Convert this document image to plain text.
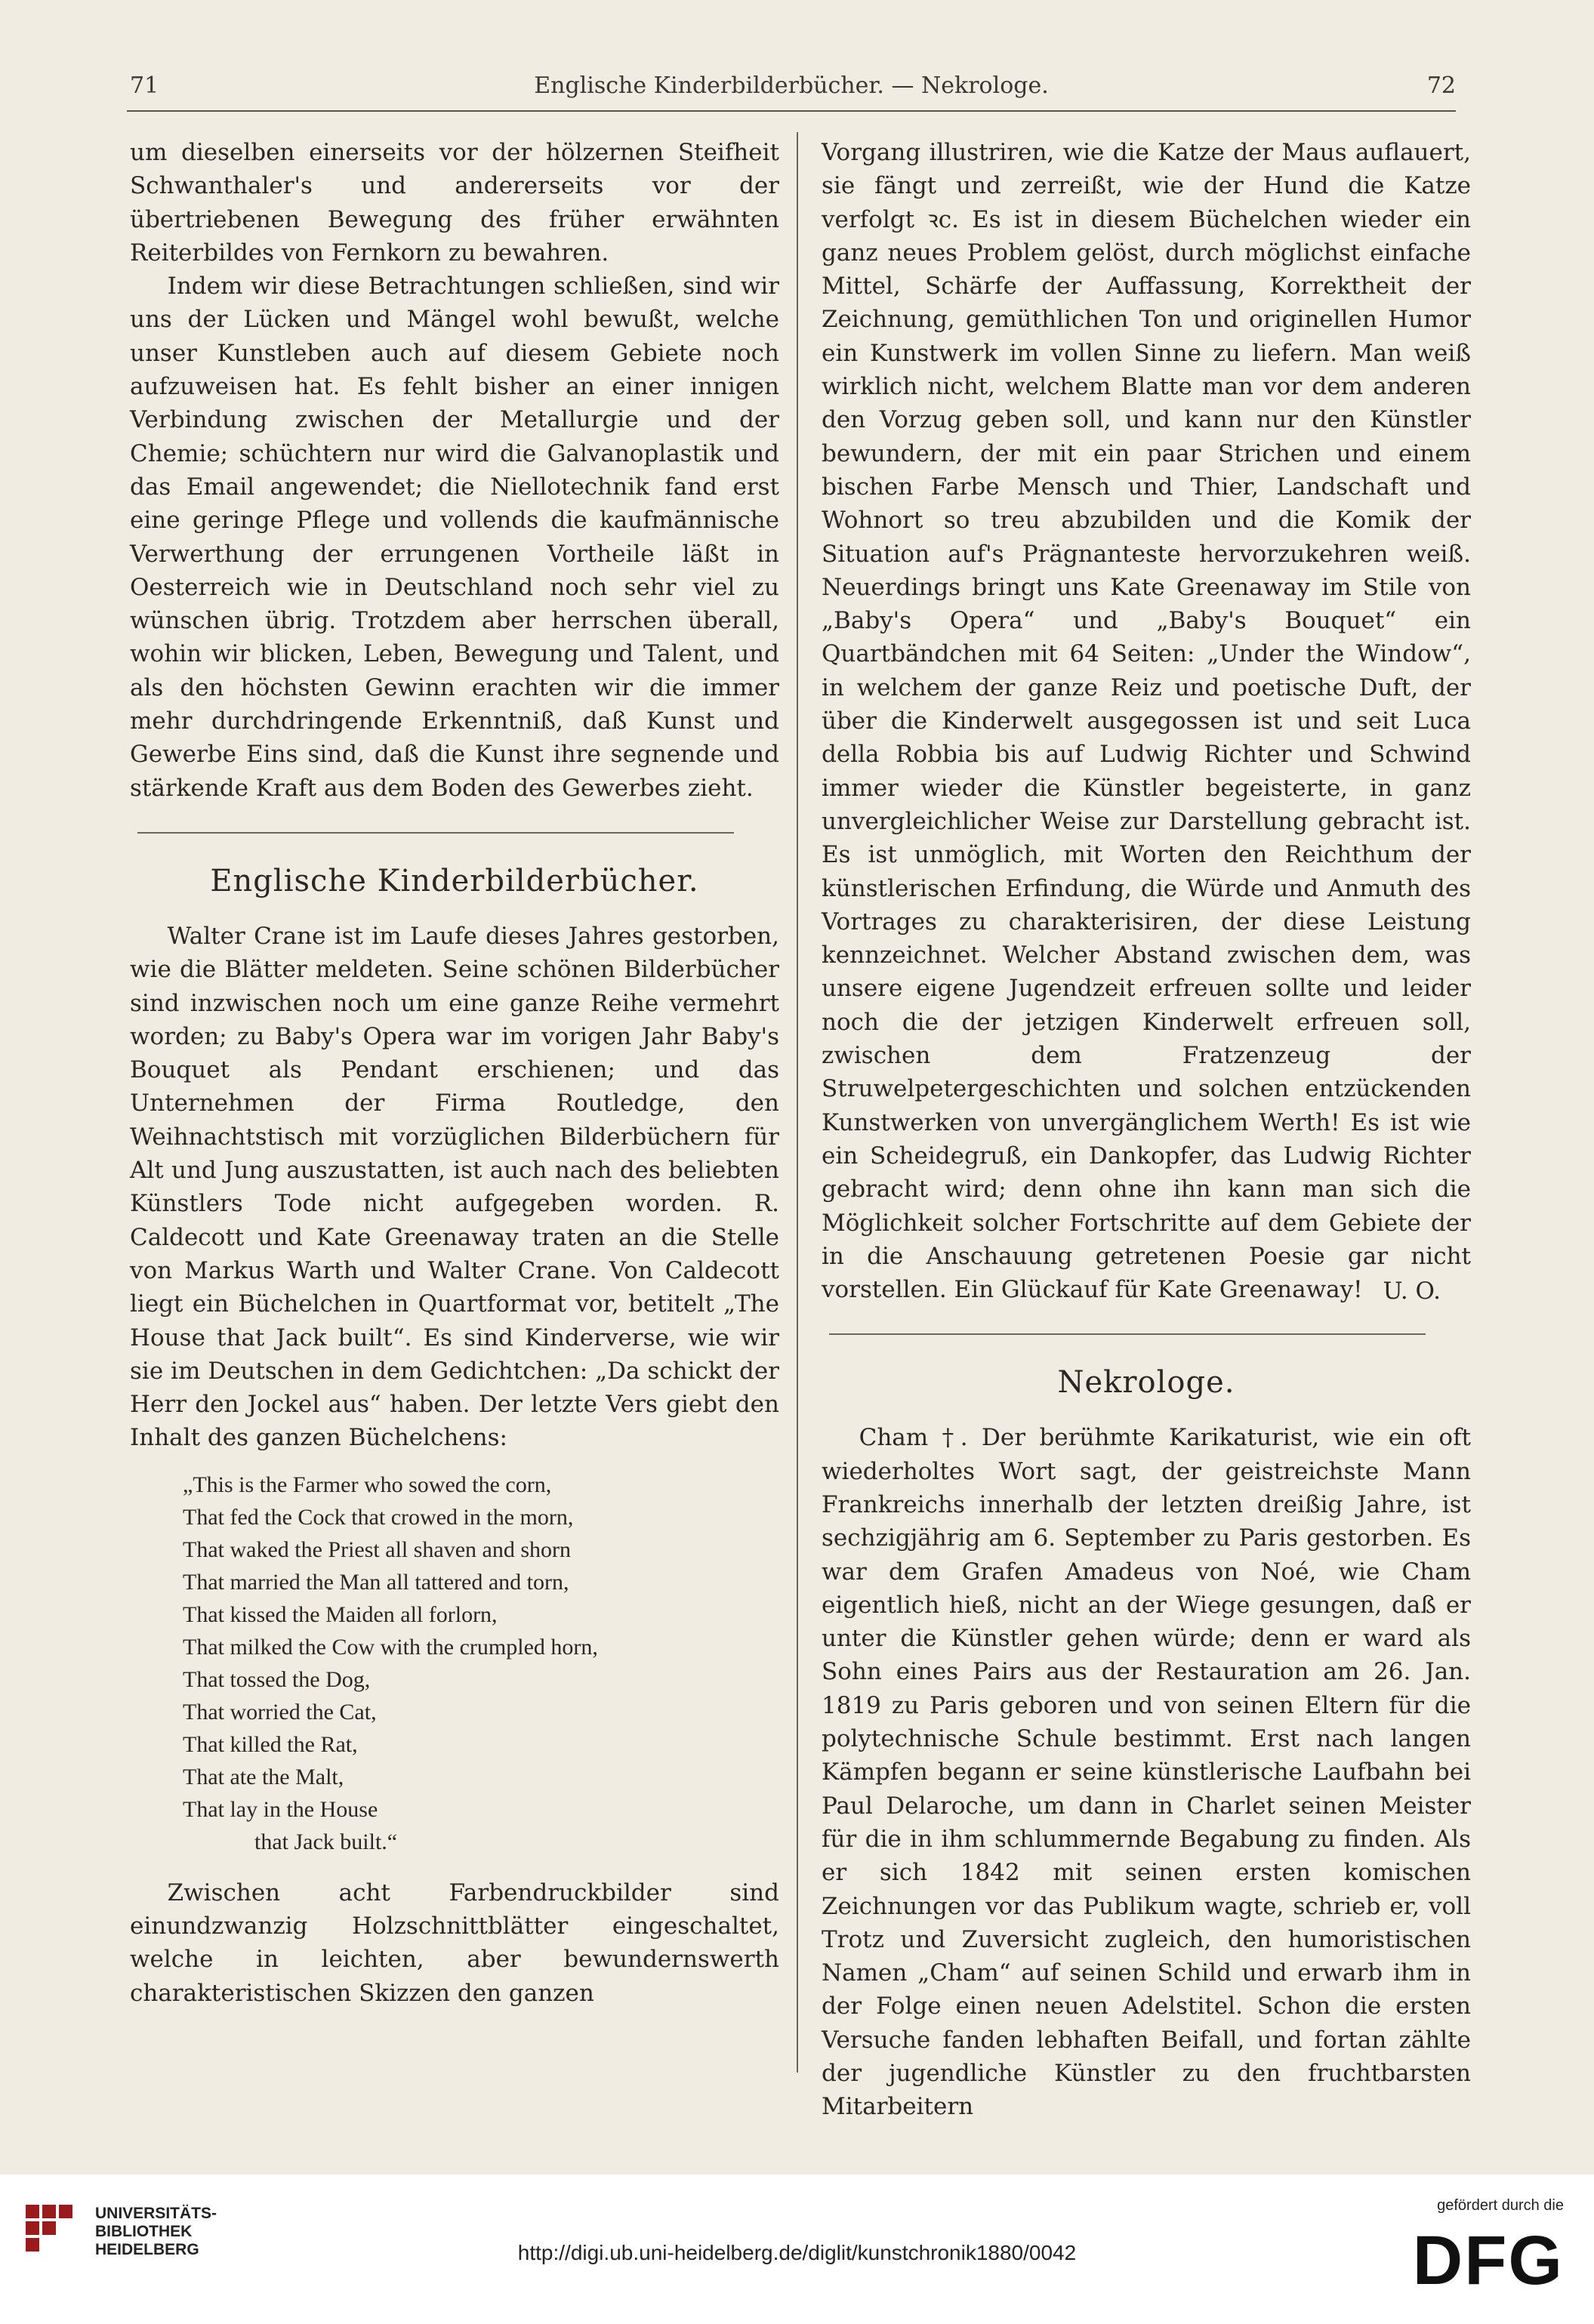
71	Englische Kinderbilderbücher. — Nekrologe.	72

um dieselben einerseits vor der hölzernen Steifheit Schwanthaler's und andererseits vor der übertriebenen Bewegung des früher erwähnten Reiterbildes von Fernkorn zu bewahren.

Indem wir diese Betrachtungen schließen, sind wir uns der Lücken und Mängel wohl bewußt, welche unser Kunstleben auch auf diesem Gebiete noch aufzuweisen hat. Es fehlt bisher an einer innigen Verbindung zwischen der Metallurgie und der Chemie; schüchtern nur wird die Galvanoplastik und das Email angewendet; die Niellotechnik fand erst eine geringe Pflege und vollends die kaufmännische Verwerthung der errungenen Vortheile läßt in Oesterreich wie in Deutschland noch sehr viel zu wünschen übrig. Trotzdem aber herrschen überall, wohin wir blicken, Leben, Bewegung und Talent, und als den höchsten Gewinn erachten wir die immer mehr durchdringende Erkenntniß, daß Kunst und Gewerbe Eins sind, daß die Kunst ihre segnende und stärkende Kraft aus dem Boden des Gewerbes zieht.

Englische Kinderbilderbücher.

Walter Crane ist im Laufe dieses Jahres gestorben, wie die Blätter meldeten. Seine schönen Bilderbücher sind inzwischen noch um eine ganze Reihe vermehrt worden; zu Baby's Opera war im vorigen Jahr Baby's Bouquet als Pendant erschienen; und das Unternehmen der Firma Routledge, den Weihnachtstisch mit vorzüglichen Bilderbüchern für Alt und Jung auszustatten, ist auch nach des beliebten Künstlers Tode nicht aufgegeben worden. R. Caldecott und Kate Greenaway traten an die Stelle von Markus Warth und Walter Crane. Von Caldecott liegt ein Büchelchen in Quartformat vor, betitelt „The House that Jack built“. Es sind Kinderverse, wie wir sie im Deutschen in dem Gedichtchen: „Da schickt der Herr den Jockel aus“ haben. Der letzte Vers giebt den Inhalt des ganzen Büchelchens:

„This is the Farmer who sowed the corn,
That fed the Cock that crowed in the morn,
That waked the Priest all shaven and shorn
That married the Man all tattered and torn,
That kissed the Maiden all forlorn,
That milked the Cow with the crumpled horn,
That tossed the Dog,
That worried the Cat,
That killed the Rat,
That ate the Malt,
That lay in the House
that Jack built.“

Zwischen acht Farbendruckbilder sind einundzwanzig Holzschnittblätter eingeschaltet, welche in leichten, aber bewundernswerth charakteristischen Skizzen den ganzen

Vorgang illustriren, wie die Katze der Maus auflauert, sie fängt und zerreißt, wie der Hund die Katze verfolgt ꝛc. Es ist in diesem Büchelchen wieder ein ganz neues Problem gelöst, durch möglichst einfache Mittel, Schärfe der Auffassung, Korrektheit der Zeichnung, gemüthlichen Ton und originellen Humor ein Kunstwerk im vollen Sinne zu liefern. Man weiß wirklich nicht, welchem Blatte man vor dem anderen den Vorzug geben soll, und kann nur den Künstler bewundern, der mit ein paar Strichen und einem bischen Farbe Mensch und Thier, Landschaft und Wohnort so treu abzubilden und die Komik der Situation auf's Prägnanteste hervorzukehren weiß. Neuerdings bringt uns Kate Greenaway im Stile von „Baby's Opera“ und „Baby's Bouquet“ ein Quartbändchen mit 64 Seiten: „Under the Window“, in welchem der ganze Reiz und poetische Duft, der über die Kinderwelt ausgegossen ist und seit Luca della Robbia bis auf Ludwig Richter und Schwind immer wieder die Künstler begeisterte, in ganz unvergleichlicher Weise zur Darstellung gebracht ist. Es ist unmöglich, mit Worten den Reichthum der künstlerischen Erfindung, die Würde und Anmuth des Vortrages zu charakterisiren, der diese Leistung kennzeichnet. Welcher Abstand zwischen dem, was unsere eigene Jugendzeit erfreuen sollte und leider noch die der jetzigen Kinderwelt erfreuen soll, zwischen dem Fratzenzeug der Struwelpetergeschichten und solchen entzückenden Kunstwerken von unvergänglichem Werth! Es ist wie ein Scheidegruß, ein Dankopfer, das Ludwig Richter gebracht wird; denn ohne ihn kann man sich die Möglichkeit solcher Fortschritte auf dem Gebiete der in die Anschauung getretenen Poesie gar nicht vorstellen. Ein Glückauf für Kate Greenaway! U. O.
Nekrologe.

Cham †. Der berühmte Karikaturist, wie ein oft wiederholtes Wort sagt, der geistreichste Mann Frankreichs innerhalb der letzten dreißig Jahre, ist sechzigjährig am 6. September zu Paris gestorben. Es war dem Grafen Amadeus von Noé, wie Cham eigentlich hieß, nicht an der Wiege gesungen, daß er unter die Künstler gehen würde; denn er ward als Sohn eines Pairs aus der Restauration am 26. Jan. 1819 zu Paris geboren und von seinen Eltern für die polytechnische Schule bestimmt. Erst nach langen Kämpfen begann er seine künstlerische Laufbahn bei Paul Delaroche, um dann in Charlet seinen Meister für die in ihm schlummernde Begabung zu finden. Als er sich 1842 mit seinen ersten komischen Zeichnungen vor das Publikum wagte, schrieb er, voll Trotz und Zuversicht zugleich, den humoristischen Namen „Cham“ auf seinen Schild und erwarb ihm in der Folge einen neuen Adelstitel. Schon die ersten Versuche fanden lebhaften Beifall, und fortan zählte der jugendliche Künstler zu den fruchtbarsten Mitarbeitern

UNIVERSITÄTS-
BIBLIOTHEK
HEIDELBERG	http://digi.ub.uni-heidelberg.de/diglit/kunstchronik1880/0042
gefördert durch die
DFG
